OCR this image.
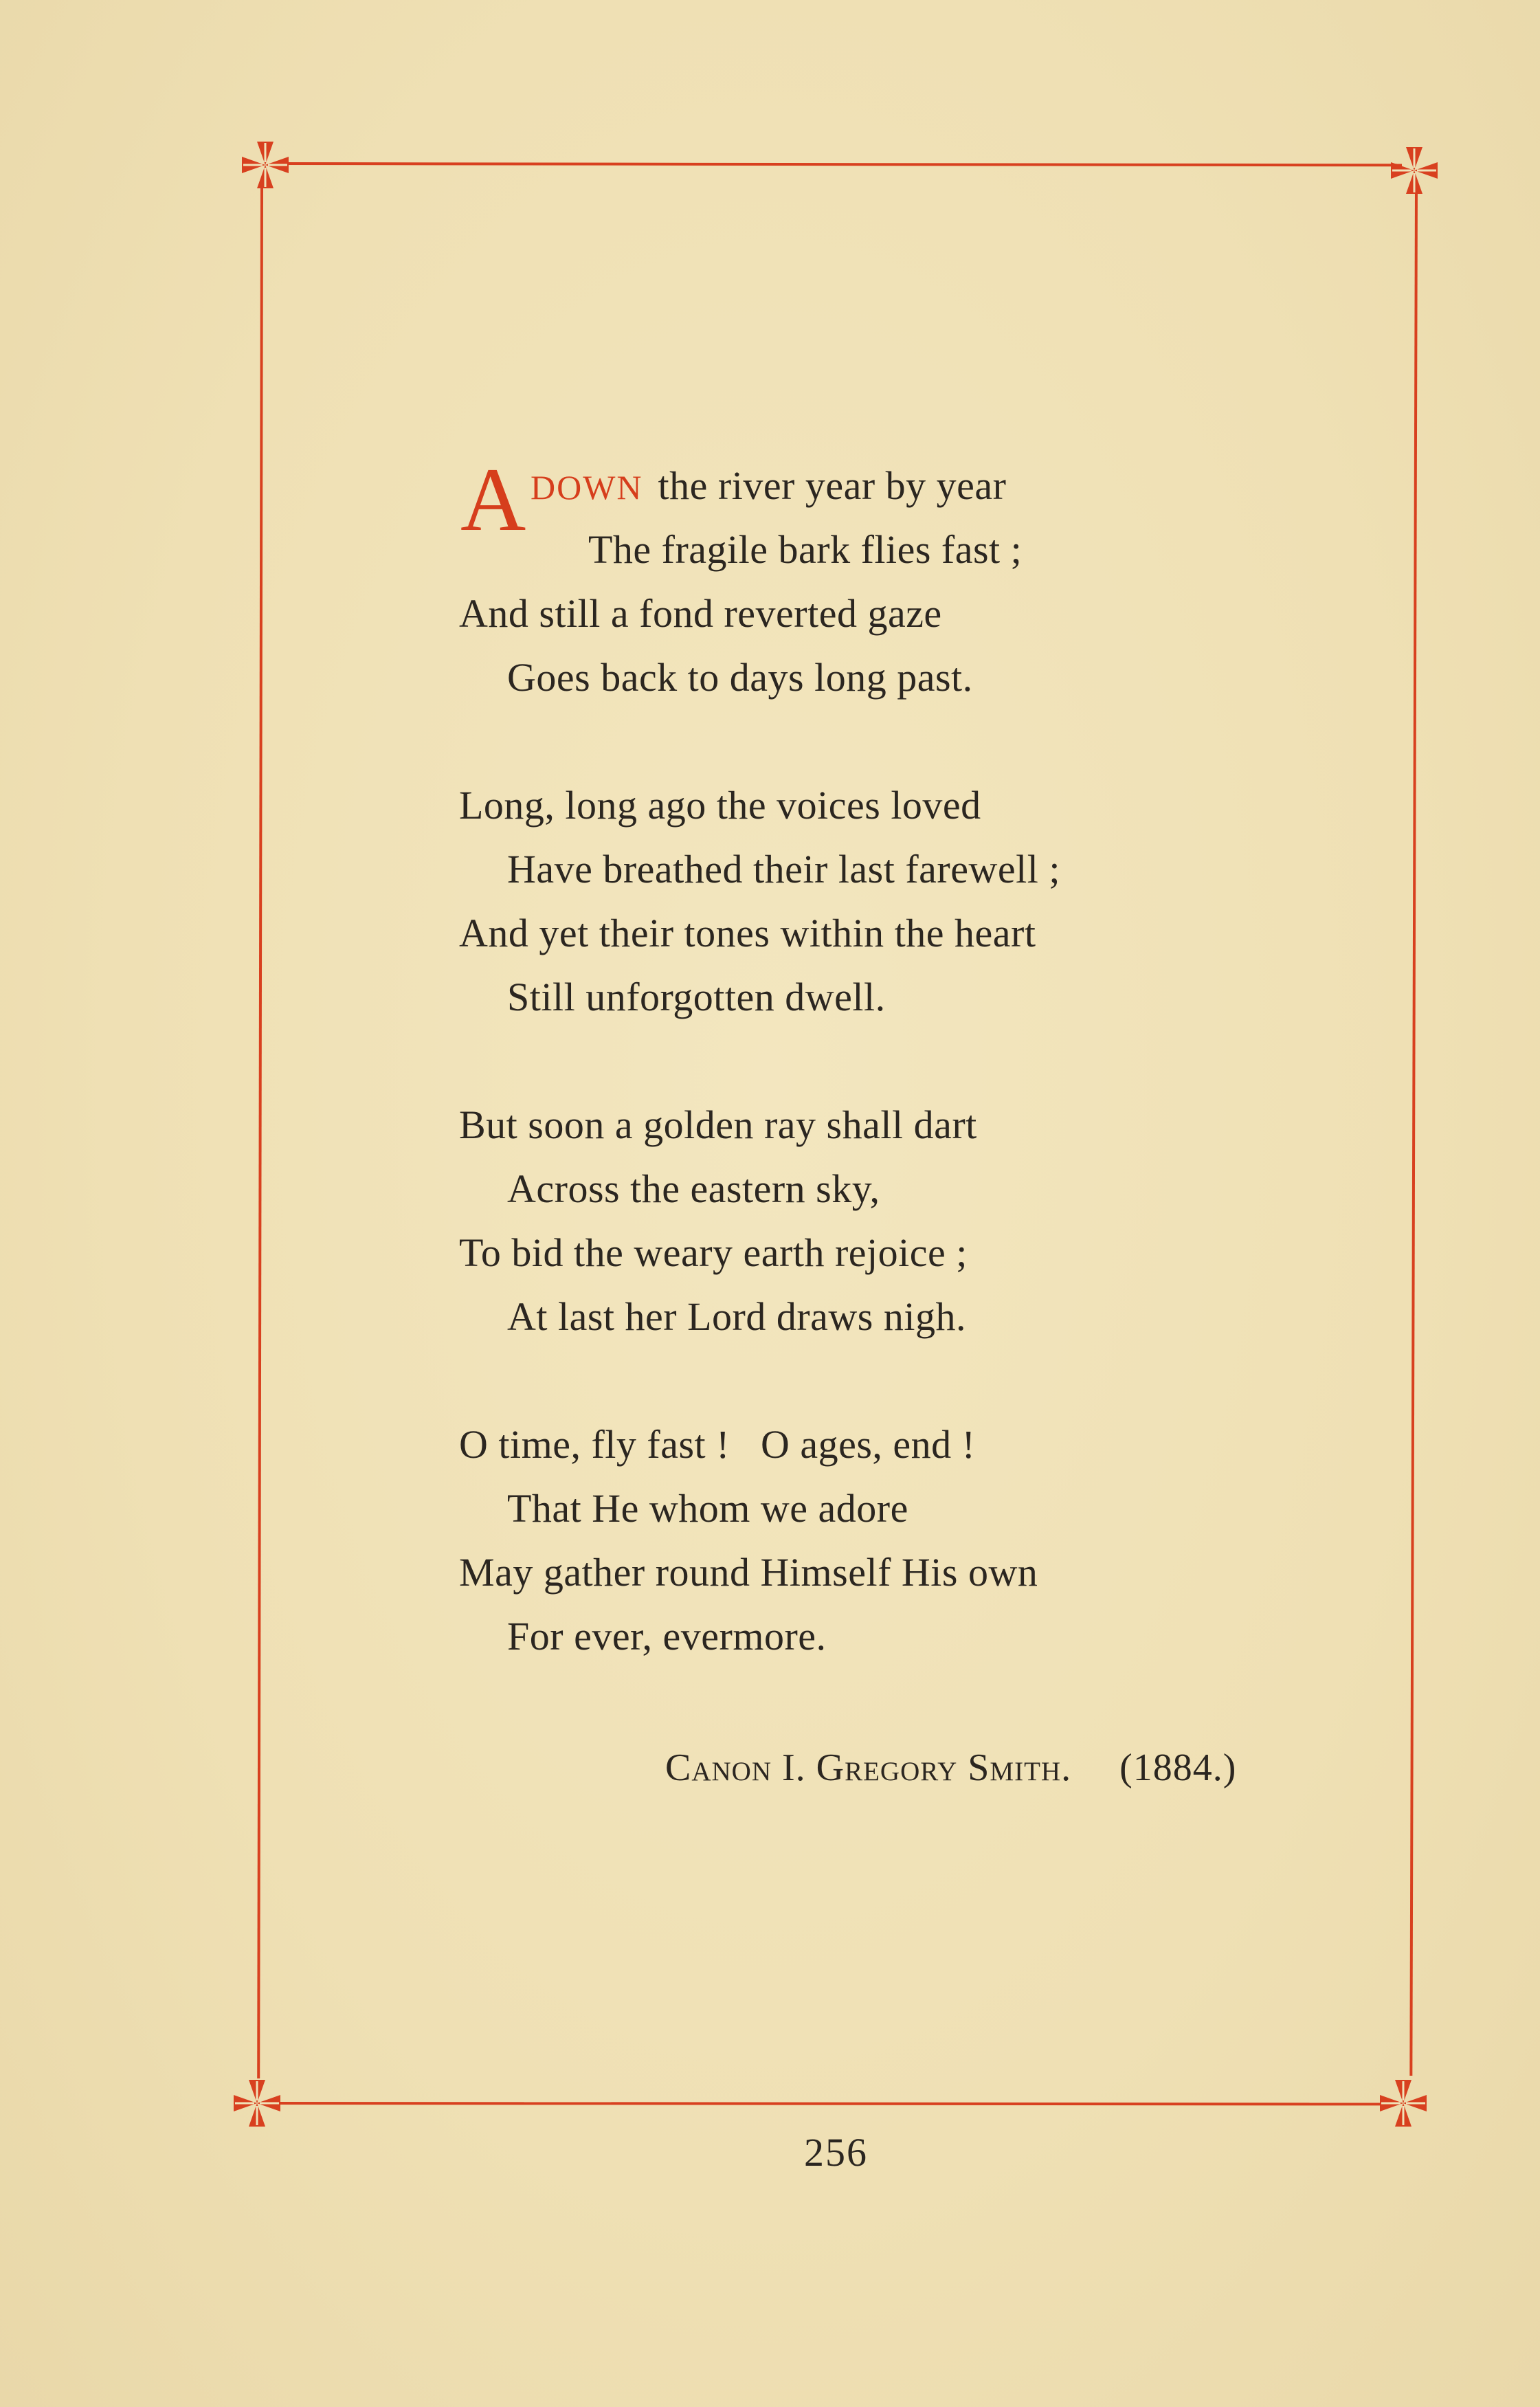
A DOWN the river year by year
The fragile bark flies fast ;
And still a fond reverted gaze
Goes back to days long past.
Long, long ago the voices loved
Have breathed their last farewell ;
And yet their tones within the heart
Still unforgotten dwell.
But soon a golden ray shall dart
Across the eastern sky,
To bid the weary earth rejoice ;
At last her Lord draws nigh.
O time, fly fast !   O ages, end !
That He whom we adore
May gather round Himself His own
For ever, evermore.
Canon I. Gregory Smith. (1884.)
256
